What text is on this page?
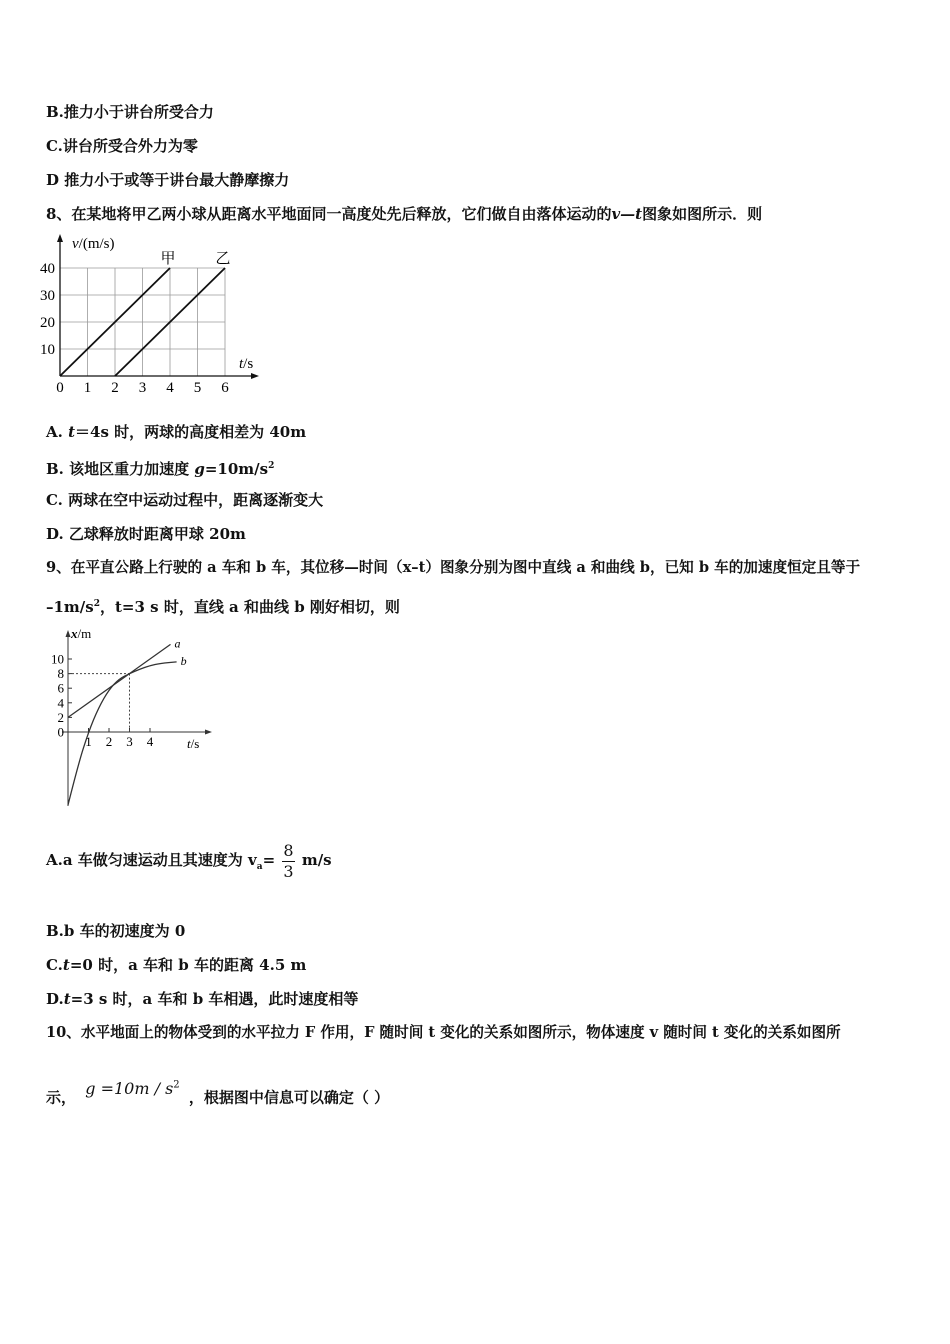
B.推力小于讲台所受合力
C.讲台所受合外力为零
D 推力小于或等于讲台最大静摩擦力
8、在某地将甲乙两小球从距离水平地面同一高度处先后释放，它们做自由落体运动的v—t图象如图所示．则
0 1 2 3 4 5 6
10
20
30
40
t/s
v/(m/s)
甲	乙
A. t＝4s 时，两球的高度相差为 40m
B. 该地区重力加速度 $g=10m/s^2$
C. 两球在空中运动过程中，距离逐渐变大
D. 乙球释放时距离甲球 20m
9、在平直公路上行驶的 a 车和 b 车，其位移—时间（x–t）图象分别为图中直线 a 和曲线 b，已知 b 车的加速度恒定且等于
$-1m/s^2$，t=3 s 时，直线 a 和曲线 b 刚好相切，则
0
2
4
6
8
10
1 2 3 4
a
b
t/s
x/m
A.a 车做匀速运动且其速度为 $v_a= \frac{8}{3} m/s$
B.b 车的初速度为 0
C.t=0 时，a 车和 b 车的距离 4.5 m
D.t=3 s 时，a 车和 b 车相遇，此时速度相等
10、水平地面上的物体受到的水平拉力 F 作用，F 随时间 t 变化的关系如图所示，物体速度 v 随时间 t 变化的关系如图所
示， $g =10m / s^2$ ，根据图中信息可以确定（ ）
